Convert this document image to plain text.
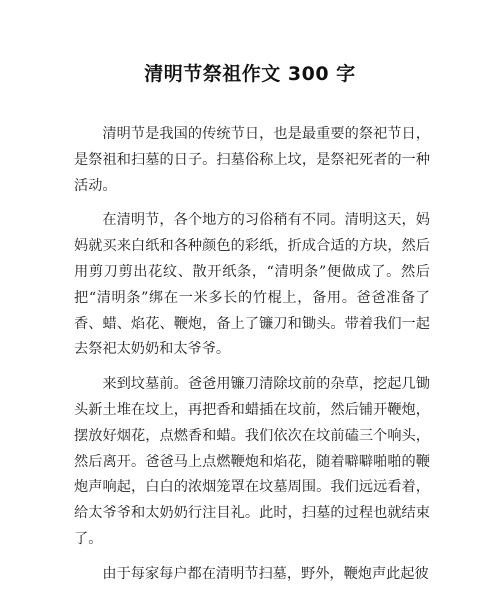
清明节祭祖作文 300 字

清明节是我国的传统节日，也是最重要的祭祀节日，是祭祖和扫墓的日子。扫墓俗称上坟，是祭祀死者的一种活动。

在清明节，各个地方的习俗稍有不同。清明这天，妈妈就买来白纸和各种颜色的彩纸，折成合适的方块，然后用剪刀剪出花纹、散开纸条，“清明条”便做成了。然后把“清明条”绑在一米多长的竹棍上，备用。爸爸准备了香、蜡、焰花、鞭炮，备上了镰刀和锄头。带着我们一起去祭祀太奶奶和太爷爷。

来到坟墓前。爸爸用镰刀清除坟前的杂草，挖起几锄头新土堆在坟上，再把香和蜡插在坟前，然后铺开鞭炮，摆放好烟花，点燃香和蜡。我们依次在坟前磕三个响头，然后离开。爸爸马上点燃鞭炮和焰花，随着噼噼啪啪的鞭炮声响起，白白的浓烟笼罩在坟墓周围。我们远远看着，给太爷爷和太奶奶行注目礼。此时，扫墓的过程也就结束了。

由于每家每户都在清明节扫墓，野外，鞭炮声此起彼
